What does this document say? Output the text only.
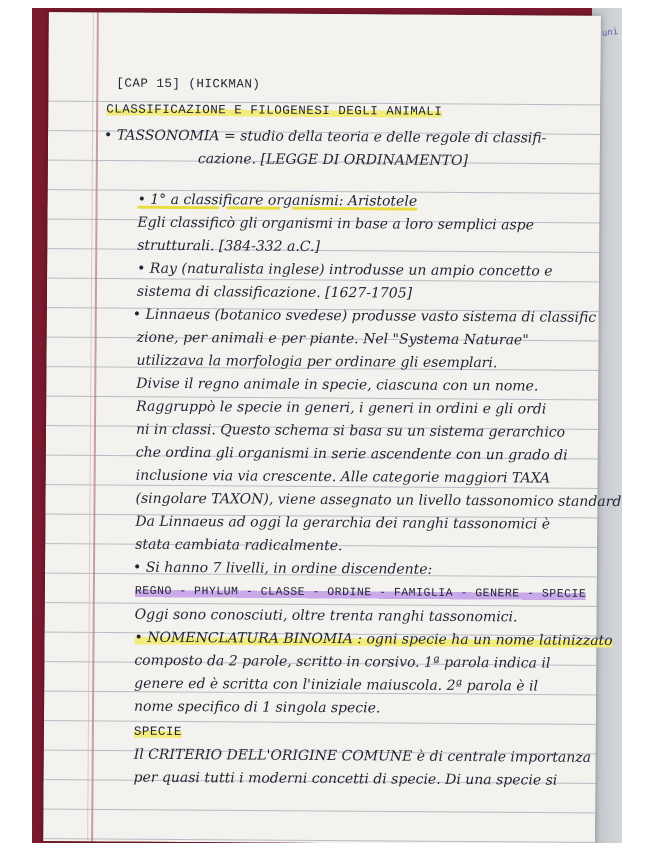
uni
[CAP 15] (HICKMAN)
CLASSIFICAZIONE E FILOGENESI DEGLI ANIMALI
• TASSONOMIA = studio della teoria e delle regole di classifi-
cazione. [LEGGE DI ORDINAMENTO]
• 1° a classificare organismi: Aristotele
Egli classificò gli organismi in base a loro semplici aspe
strutturali. [384-332 a.C.]
• Ray (naturalista inglese) introdusse un ampio concetto e
sistema di classificazione. [1627-1705]
• Linnaeus (botanico svedese) produsse vasto sistema di classific
zione, per animali e per piante. Nel "Systema Naturae"
utilizzava la morfologia per ordinare gli esemplari.
Divise il regno animale in specie, ciascuna con un nome.
Raggruppò le specie in generi, i generi in ordini e gli ordi
ni in classi. Questo schema si basa su un sistema gerarchico
che ordina gli organismi in serie ascendente con un grado di
inclusione via via crescente. Alle categorie maggiori TAXA
(singolare TAXON), viene assegnato un livello tassonomico standard
Da Linnaeus ad oggi la gerarchia dei ranghi tassonomici è
stata cambiata radicalmente.
• Si hanno 7 livelli, in ordine discendente:
REGNO - PHYLUM - CLASSE - ORDINE - FAMIGLIA - GENERE - SPECIE
Oggi sono conosciuti, oltre trenta ranghi tassonomici.
• NOMENCLATURA BINOMIA : ogni specie ha un nome latinizzato
composto da 2 parole, scritto in corsivo. 1ª parola indica il
genere ed è scritta con l'iniziale maiuscola. 2ª parola è il
nome specifico di 1 singola specie.
SPECIE
Il CRITERIO DELL'ORIGINE COMUNE è di centrale importanza
per quasi tutti i moderni concetti di specie. Di una specie si
